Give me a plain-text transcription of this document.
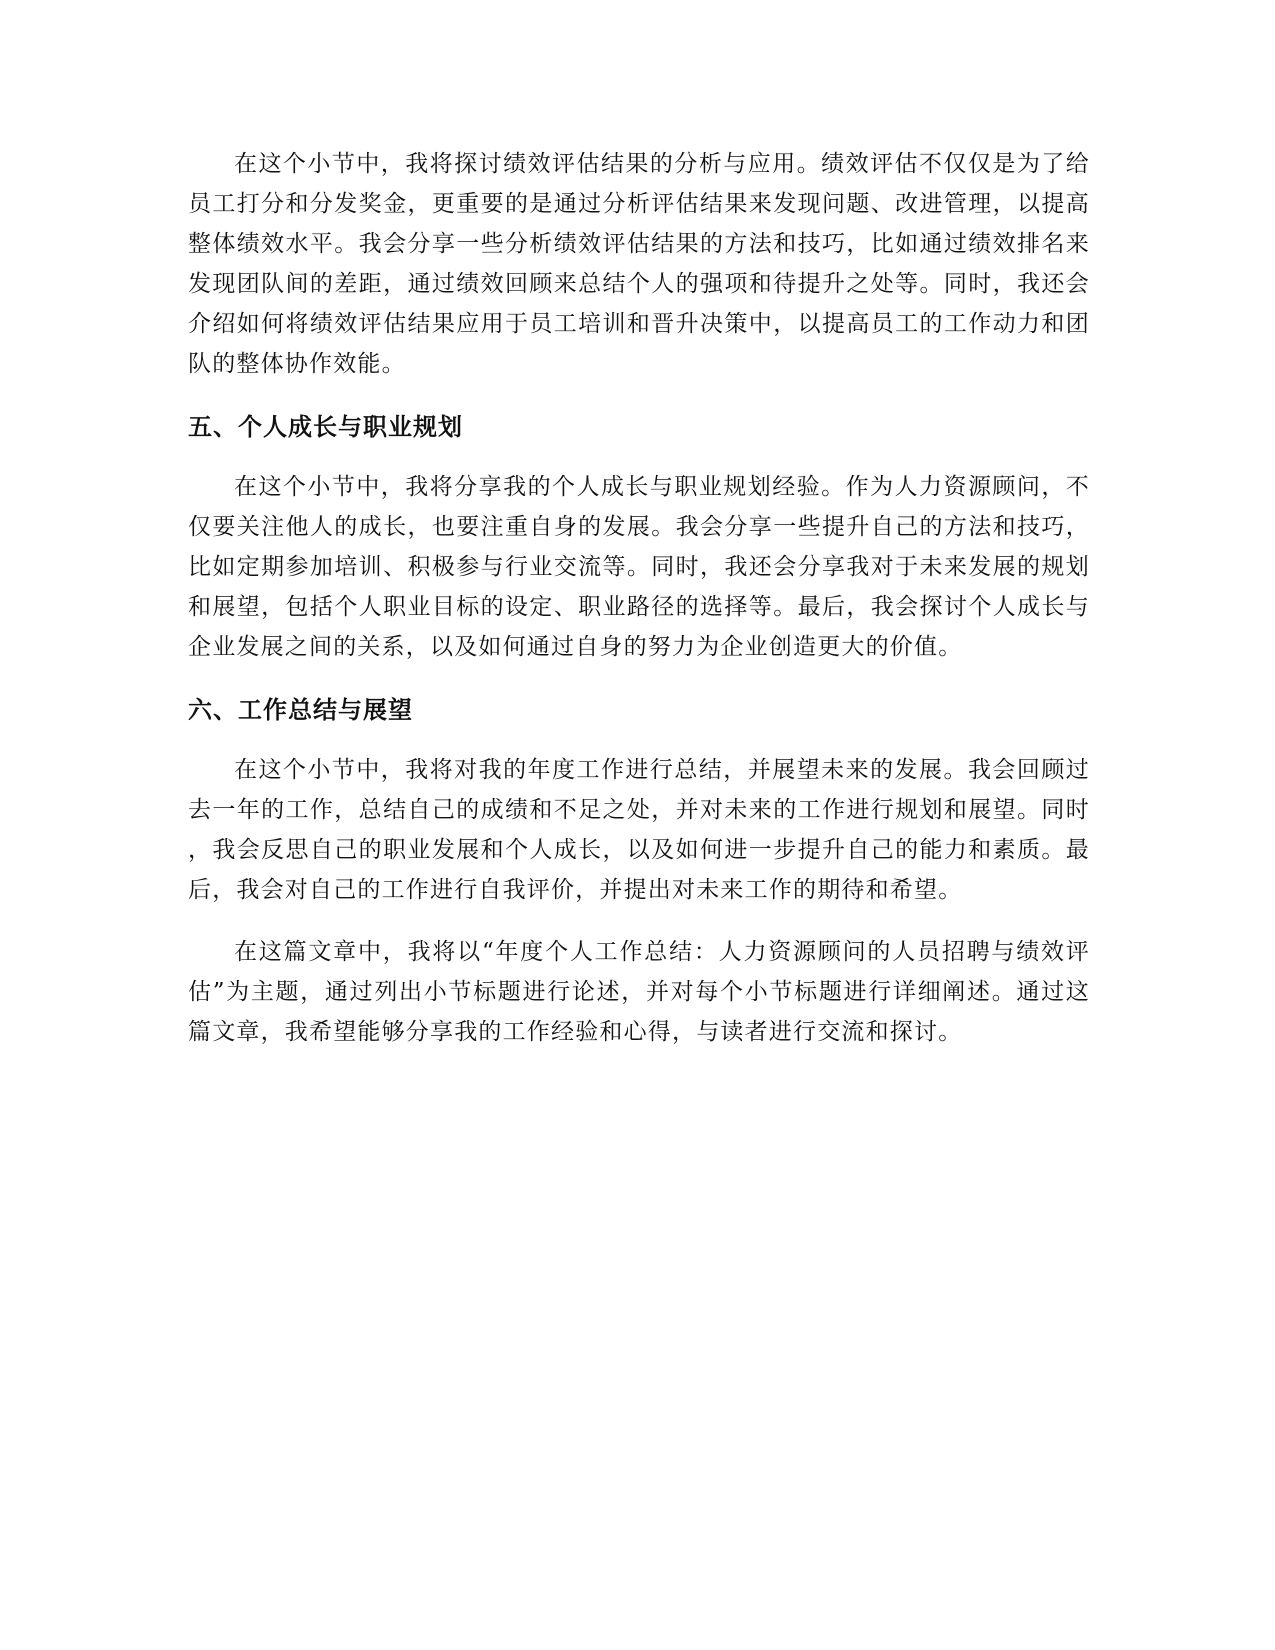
在这个小节中，我将探讨绩效评估结果的分析与应用。绩效评估不仅仅是为了给员工打分和分发奖金，更重要的是通过分析评估结果来发现问题、改进管理，以提高整体绩效水平。我会分享一些分析绩效评估结果的方法和技巧，比如通过绩效排名来发现团队间的差距，通过绩效回顾来总结个人的强项和待提升之处等。同时，我还会介绍如何将绩效评估结果应用于员工培训和晋升决策中，以提高员工的工作动力和团队的整体协作效能。

五、个人成长与职业规划

在这个小节中，我将分享我的个人成长与职业规划经验。作为人力资源顾问，不仅要关注他人的成长，也要注重自身的发展。我会分享一些提升自己的方法和技巧，比如定期参加培训、积极参与行业交流等。同时，我还会分享我对于未来发展的规划和展望，包括个人职业目标的设定、职业路径的选择等。最后，我会探讨个人成长与企业发展之间的关系，以及如何通过自身的努力为企业创造更大的价值。

六、工作总结与展望

在这个小节中，我将对我的年度工作进行总结，并展望未来的发展。我会回顾过去一年的工作，总结自己的成绩和不足之处，并对未来的工作进行规划和展望。同时，我会反思自己的职业发展和个人成长，以及如何进一步提升自己的能力和素质。最后，我会对自己的工作进行自我评价，并提出对未来工作的期待和希望。

在这篇文章中，我将以“年度个人工作总结：人力资源顾问的人员招聘与绩效评估”为主题，通过列出小节标题进行论述，并对每个小节标题进行详细阐述。通过这篇文章，我希望能够分享我的工作经验和心得，与读者进行交流和探讨。
